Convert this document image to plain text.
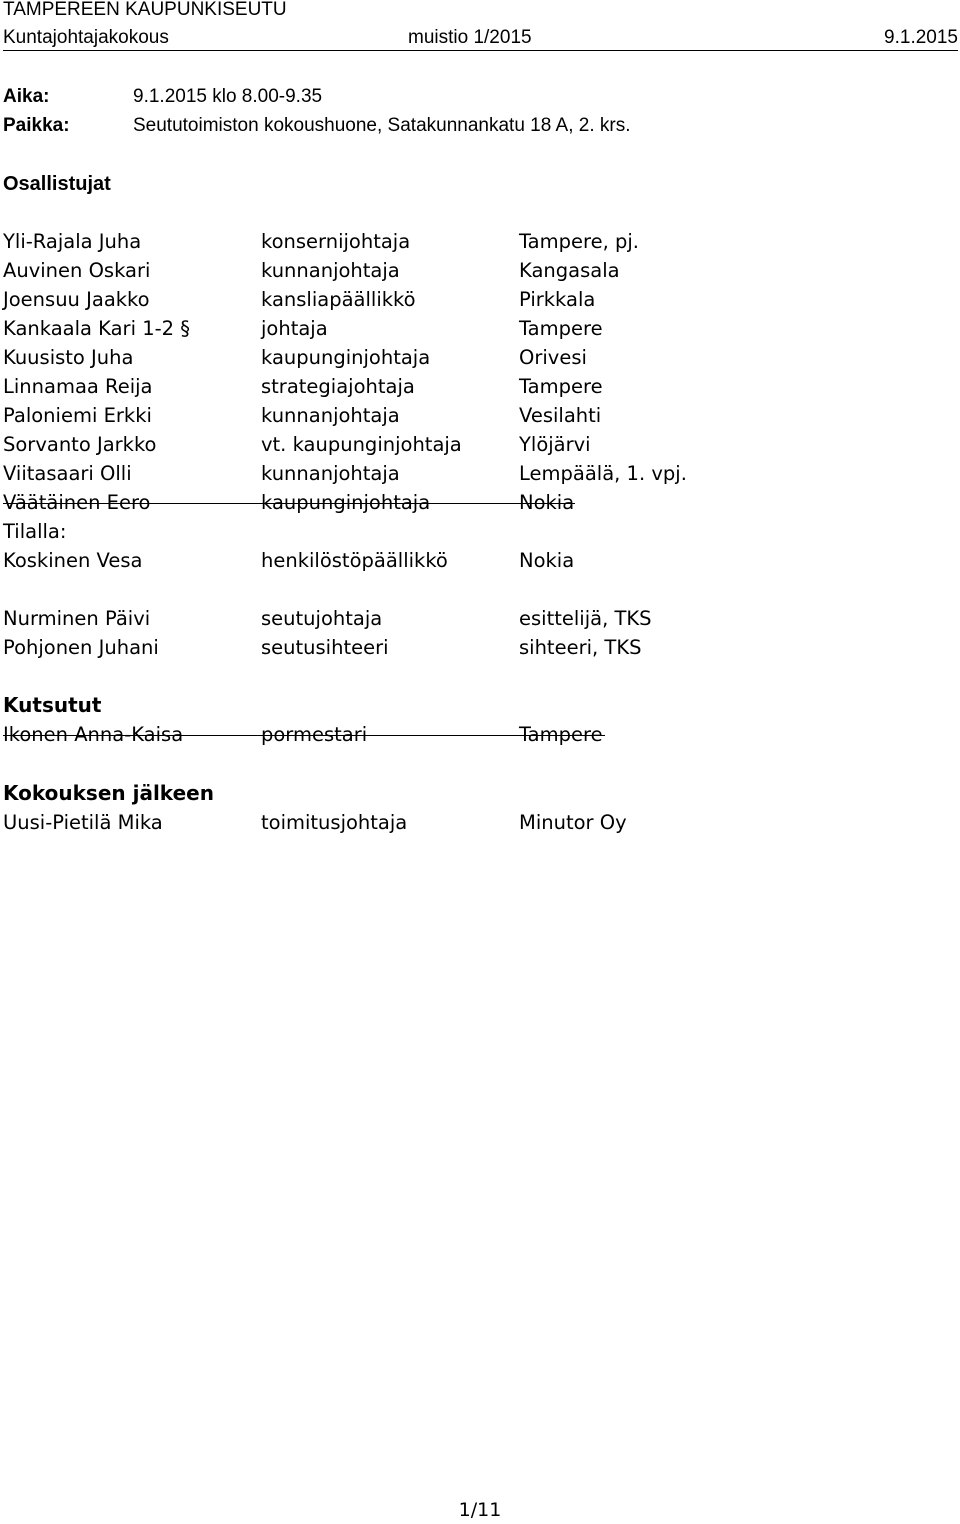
TAMPEREEN KAUPUNKISEUTU
Kuntajohtajakokous	muistio 1/2015	9.1.2015
Aika:	9.1.2015 klo 8.00-9.35
Paikka:	Seututoimiston kokoushuone, Satakunnankatu 18 A, 2. krs.
Osallistujat
Yli-Rajala Juha	konsernijohtaja	Tampere, pj.
Auvinen Oskari	kunnanjohtaja	Kangasala
Joensuu Jaakko	kansliapäällikkö	Pirkkala
Kankaala Kari 1-2 §	johtaja	Tampere
Kuusisto Juha	kaupunginjohtaja	Orivesi
Linnamaa Reija	strategiajohtaja	Tampere
Paloniemi Erkki	kunnanjohtaja	Vesilahti
Sorvanto Jarkko	vt. kaupunginjohtaja	Ylöjärvi
Viitasaari Olli	kunnanjohtaja	Lempäälä, 1. vpj.
Väätäinen Eero	kaupunginjohtaja	Nokia
Tilalla:
Koskinen Vesa	henkilöstöpäällikkö	Nokia
Nurminen Päivi	seutujohtaja	esittelijä, TKS
Pohjonen Juhani	seutusihteeri	sihteeri, TKS
Kutsutut
Ikonen Anna-Kaisa	pormestari	Tampere
Kokouksen jälkeen
Uusi-Pietilä Mika	toimitusjohtaja	Minutor Oy
1/11
